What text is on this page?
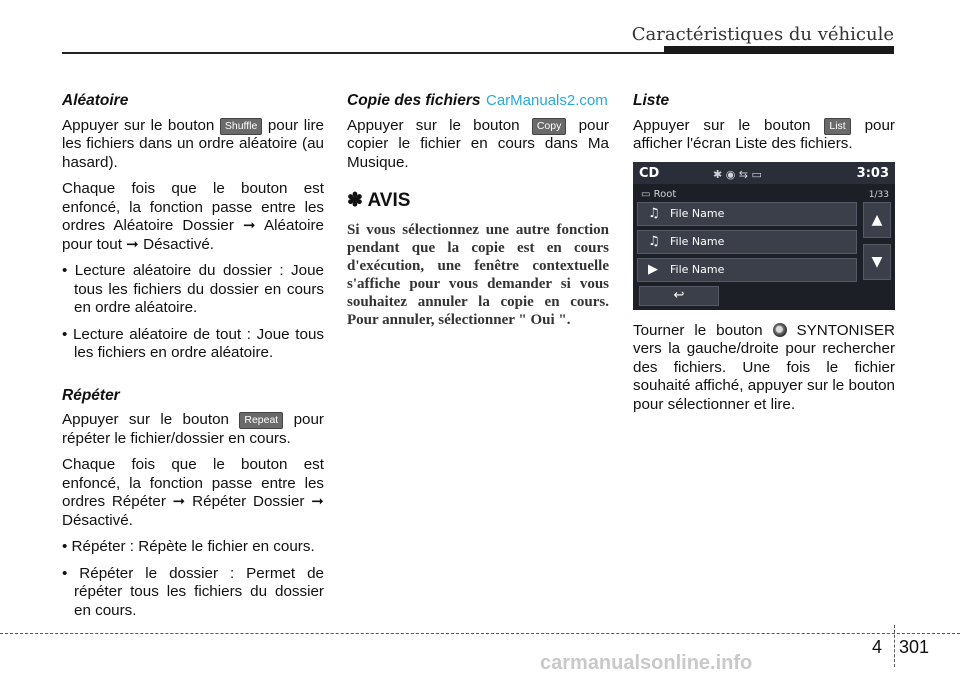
Caractéristiques du véhicule
CarManuals2.com
Aléatoire

Appuyer sur le bouton Shuffle pour lire les fichiers dans un ordre aléatoire (au hasard).

Chaque fois que le bouton est enfoncé, la fonction passe entre les ordres Aléatoire Dossier ➞ Aléatoire pour tout ➞ Désactivé.

• Lecture aléatoire du dossier : Joue tous les fichiers du dossier en cours en ordre aléatoire.
• Lecture aléatoire de tout : Joue tous les fichiers en ordre aléatoire.
Répéter

Appuyer sur le bouton Repeat pour répéter le fichier/dossier en cours.

Chaque fois que le bouton est enfoncé, la fonction passe entre les ordres Répéter ➞ Répéter Dossier ➞ Désactivé.

• Répéter : Répète le fichier en cours.
• Répéter le dossier : Permet de répéter tous les fichiers du dossier en cours.
Copie des fichiers

Appuyer sur le bouton Copy pour copier le fichier en cours dans Ma Musique.

✽ AVIS
Si vous sélectionnez une autre fonction pendant que la copie est en cours d'exécution, une fenêtre contextuelle s'affiche pour vous demander si vous souhaitez annuler la copie en cours. Pour annuler, sélectionner " Oui ".
Liste

Appuyer sur le bouton List pour afficher l'écran Liste des fichiers.

CD	✱ ◉ ⇆ ▭	3:03
▭ Root	1/33
♫ File Name
♫ File Name
▶ File Name
▲
▼
↩

Tourner le bouton SYNTONISER vers la gauche/droite pour rechercher des fichiers. Une fois le fichier souhaité affiché, appuyer sur le bouton pour sélectionner et lire.

4 301
carmanualsonline.info
